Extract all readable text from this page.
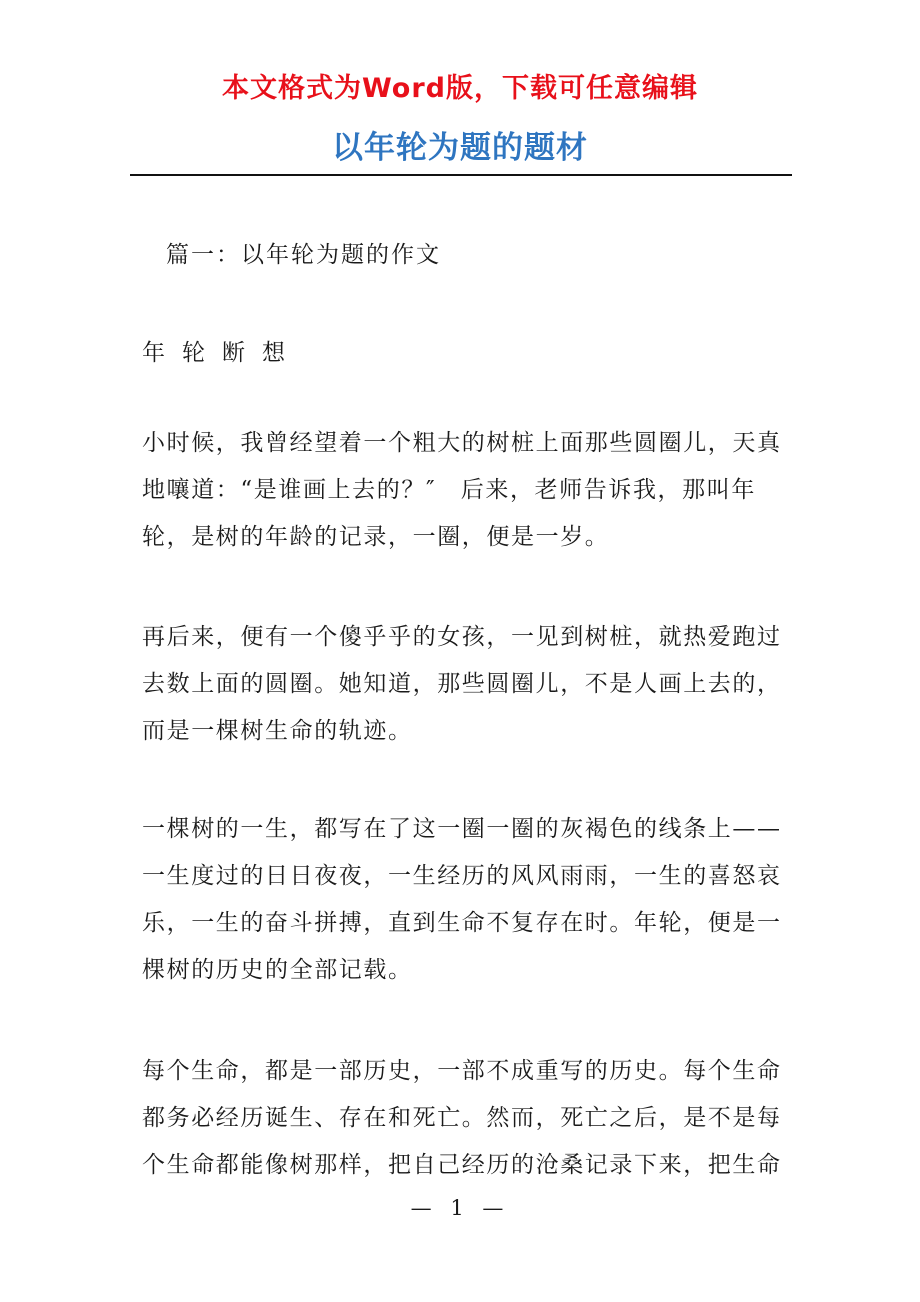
本文格式为Word版，下载可任意编辑
以年轮为题的题材
篇一：以年轮为题的作文
年轮断想

小时候，我曾经望着一个粗大的树桩上面那些圆圈儿，天真地嚷道：“是谁画上去的？″　后来，老师告诉我，那叫年轮，是树的年龄的记录，一圈，便是一岁。

再后来，便有一个傻乎乎的女孩，一见到树桩，就热爱跑过去数上面的圆圈。她知道，那些圆圈儿，不是人画上去的，而是一棵树生命的轨迹。

一棵树的一生，都写在了这一圈一圈的灰褐色的线条上——一生度过的日日夜夜，一生经历的风风雨雨，一生的喜怒哀乐，一生的奋斗拼搏，直到生命不复存在时。年轮，便是一棵树的历史的全部记载。

每个生命，都是一部历史，一部不成重写的历史。每个生命都务必经历诞生、存在和死亡。然而，死亡之后，是不是每个生命都能像树那样，把自己经历的沧桑记录下来，把生命

— 1 —
